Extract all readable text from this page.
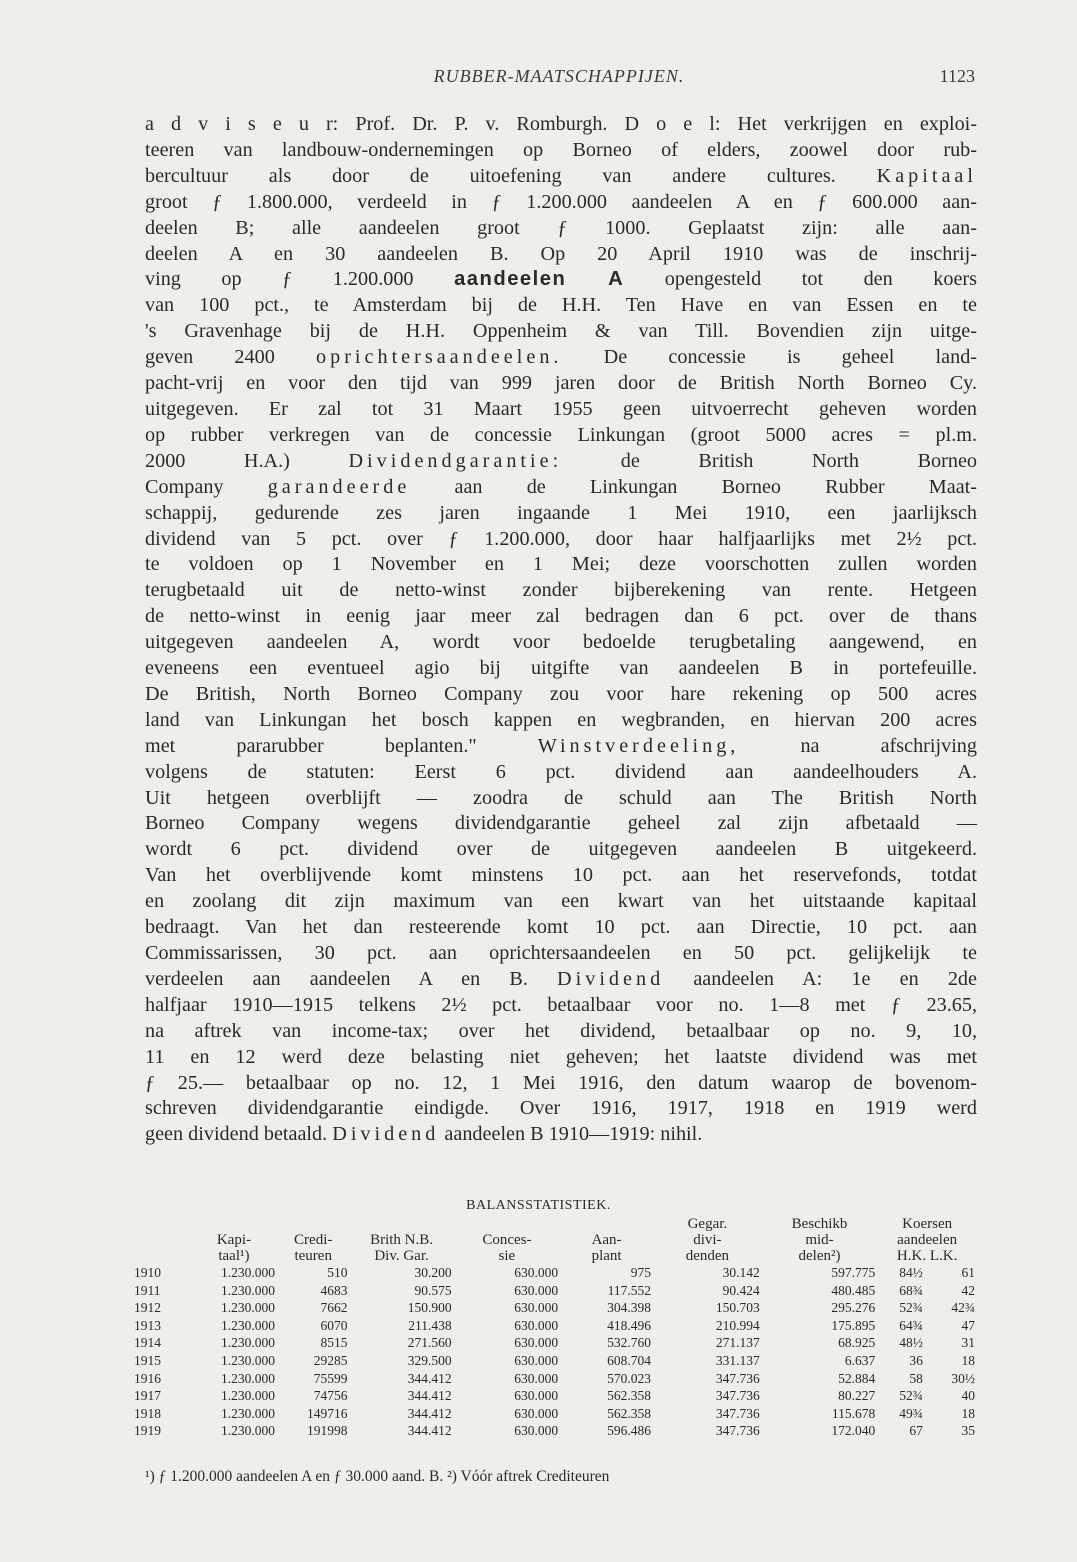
RUBBER-MAATSCHAPPIJEN.	1123
a d v i s e u r: Prof. Dr. P. v. Romburgh. D o e l: Het verkrijgen en exploi-
teeren van landbouw-ondernemingen op Borneo of elders, zoowel door rub-
bercultuur als door de uitoefening van andere cultures. Kapitaal
groot ƒ 1.800.000, verdeeld in ƒ 1.200.000 aandeelen A en ƒ 600.000 aan-
deelen B; alle aandeelen groot ƒ 1000. Geplaatst zijn: alle aan-
deelen A en 30 aandeelen B. Op 20 April 1910 was de inschrij-
ving op ƒ 1.200.000 aandeelen A opengesteld tot den koers
van 100 pct., te Amsterdam bij de H.H. Ten Have en van Essen en te
's Gravenhage bij de H.H. Oppenheim & van Till. Bovendien zijn uitge-
geven 2400 oprichtersaandeelen. De concessie is geheel land-
pacht-vrij en voor den tijd van 999 jaren door de British North Borneo Cy.
uitgegeven. Er zal tot 31 Maart 1955 geen uitvoerrecht geheven worden
op rubber verkregen van de concessie Linkungan (groot 5000 acres = pl.m.
2000 H.A.) Dividendgarantie: de British North Borneo
Company garandeerde aan de Linkungan Borneo Rubber Maat-
schappij, gedurende zes jaren ingaande 1 Mei 1910, een jaarlijksch
dividend van 5 pct. over ƒ 1.200.000, door haar halfjaarlijks met 2½ pct.
te voldoen op 1 November en 1 Mei; deze voorschotten zullen worden
terugbetaald uit de netto-winst zonder bijberekening van rente. Hetgeen
de netto-winst in eenig jaar meer zal bedragen dan 6 pct. over de thans
uitgegeven aandeelen A, wordt voor bedoelde terugbetaling aangewend, en
eveneens een eventueel agio bij uitgifte van aandeelen B in portefeuille.
De British, North Borneo Company zou voor hare rekening op 500 acres
land van Linkungan het bosch kappen en wegbranden, en hiervan 200 acres
met pararubber beplanten." Winstverdeeling, na afschrijving
volgens de statuten: Eerst 6 pct. dividend aan aandeelhouders A.
Uit hetgeen overblijft — zoodra de schuld aan The British North
Borneo Company wegens dividendgarantie geheel zal zijn afbetaald —
wordt 6 pct. dividend over de uitgegeven aandeelen B uitgekeerd.
Van het overblijvende komt minstens 10 pct. aan het reservefonds, totdat
en zoolang dit zijn maximum van een kwart van het uitstaande kapitaal
bedraagt. Van het dan resteerende komt 10 pct. aan Directie, 10 pct. aan
Commissarissen, 30 pct. aan oprichtersaandeelen en 50 pct. gelijkelijk te
verdeelen aan aandeelen A en B. Dividend aandeelen A: 1e en 2de
halfjaar 1910—1915 telkens 2½ pct. betaalbaar voor no. 1—8 met ƒ 23.65,
na aftrek van income-tax; over het dividend, betaalbaar op no. 9, 10,
11 en 12 werd deze belasting niet geheven; het laatste dividend was met
ƒ 25.— betaalbaar op no. 12, 1 Mei 1916, den datum waarop de bovenom-
schreven dividendgarantie eindigde. Over 1916, 1917, 1918 en 1919 werd
geen dividend betaald. Dividend aandeelen B 1910—1919: nihil.
BALANSSTATISTIEK.
						Gegar.	Beschikb	Koersen	
	Kapi-	Credi-	Brith N.B.	Conces-	Aan-	divi-	mid-	aandeelen	
	taal¹)	teuren	Div. Gar.	sie	plant	denden	delen²)	H.K. L.K.	
1910	1.230.000	510	30.200	630.000	975	30.142	597.775	84½	61
1911	1.230.000	4683	90.575	630.000	117.552	90.424	480.485	68¾	42
1912	1.230.000	7662	150.900	630.000	304.398	150.703	295.276	52¾	42¾
1913	1.230.000	6070	211.438	630.000	418.496	210.994	175.895	64¾	47
1914	1.230.000	8515	271.560	630.000	532.760	271.137	68.925	48½	31
1915	1.230.000	29285	329.500	630.000	608.704	331.137	6.637	36	18
1916	1.230.000	75599	344.412	630.000	570.023	347.736	52.884	58	30½
1917	1.230.000	74756	344.412	630.000	562.358	347.736	80.227	52¾	40
1918	1.230.000	149716	344.412	630.000	562.358	347.736	115.678	49¾	18
1919	1.230.000	191998	344.412	630.000	596.486	347.736	172.040	67	35
¹) ƒ 1.200.000 aandeelen A en ƒ 30.000 aand. B. ²) Vóór aftrek Crediteuren
